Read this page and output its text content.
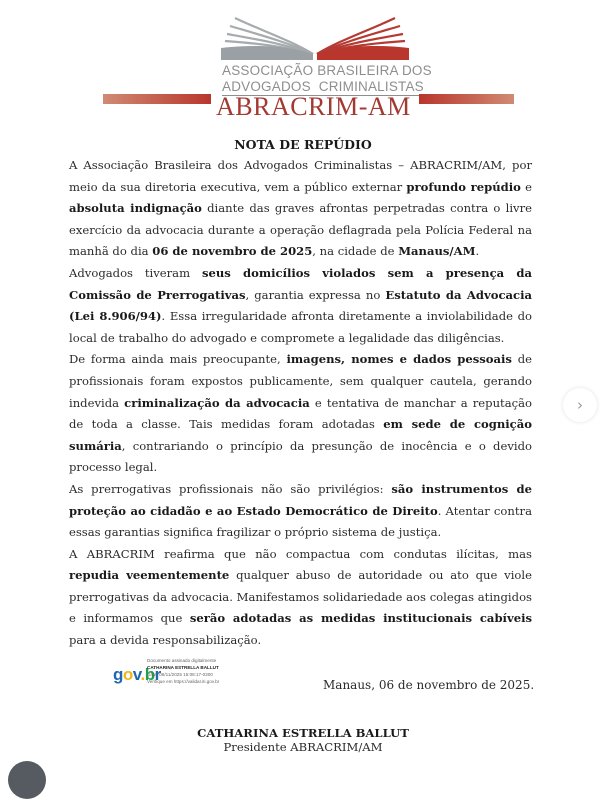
ASSOCIAÇÃO BRASILEIRA DOS
ADVOGADOS CRIMINALISTAS
ABRACRIM-AM
NOTA DE REPÚDIO

A Associação Brasileira dos Advogados Criminalistas – ABRACRIM/AM, por meio da sua diretoria executiva, vem a público externar profundo repúdio e absoluta indignação diante das graves afrontas perpetradas contra o livre exercício da advocacia durante a operação deflagrada pela Polícia Federal na manhã do dia 06 de novembro de 2025, na cidade de Manaus/AM.

Advogados tiveram seus domicílios violados sem a presença da Comissão de Prerrogativas, garantia expressa no Estatuto da Advocacia (Lei 8.906/94). Essa irregularidade afronta diretamente a inviolabilidade do local de trabalho do advogado e compromete a legalidade das diligências.

De forma ainda mais preocupante, imagens, nomes e dados pessoais de profissionais foram expostos publicamente, sem qualquer cautela, gerando indevida criminalização da advocacia e tentativa de manchar a reputação de toda a classe. Tais medidas foram adotadas em sede de cognição sumária, contrariando o princípio da presunção de inocência e o devido processo legal.

As prerrogativas profissionais não são privilégios: são instrumentos de proteção ao cidadão e ao Estado Democrático de Direito. Atentar contra essas garantias significa fragilizar o próprio sistema de justiça.

A ABRACRIM reafirma que não compactua com condutas ilícitas, mas repudia veementemente qualquer abuso de autoridade ou ato que viole prerrogativas da advocacia. Manifestamos solidariedade aos colegas atingidos e informamos que serão adotadas as medidas institucionais cabíveis para a devida responsabilização.

gov.br
Documento assinado digitalmente
CATHARINA ESTRELLA BALLUT
Data: 06/11/2025 15:08:17-0300
Verifique em https://validar.iti.gov.br	Manaus, 06 de novembro de 2025.
CATHARINA ESTRELLA BALLUT
Presidente ABRACRIM/AM
›
